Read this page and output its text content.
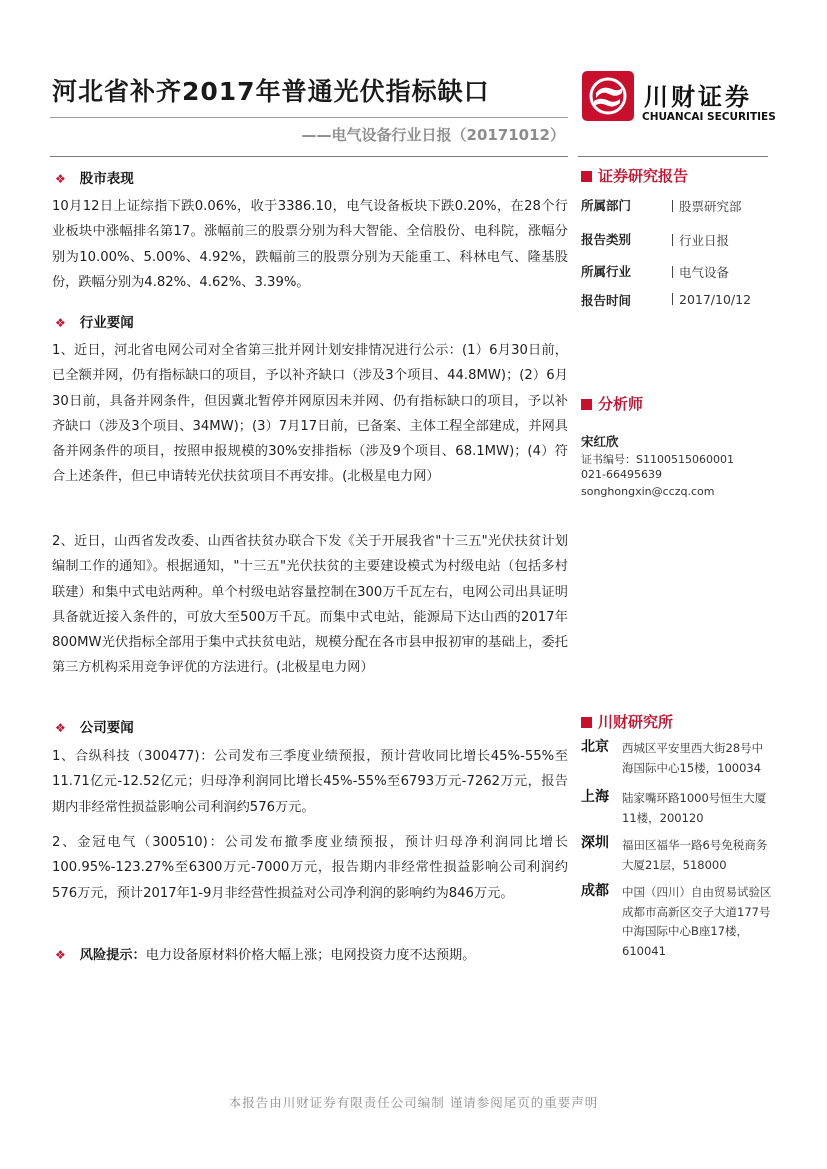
河北省补齐2017年普通光伏指标缺口
——电气设备行业日报（20171012）
川财证券
CHUANCAI SECURITIES
❖ 股市表现
10月12日上证综指下跌0.06%，收于3386.10，电气设备板块下跌0.20%，在28个行业板块中涨幅排名第17。涨幅前三的股票分别为科大智能、全信股份、电科院，涨幅分别为10.00%、5.00%、4.92%，跌幅前三的股票分别为天能重工、科林电气、隆基股份，跌幅分别为4.82%、4.62%、3.39%。
❖ 行业要闻
1、近日，河北省电网公司对全省第三批并网计划安排情况进行公示：(1）6月30日前，已全额并网，仍有指标缺口的项目，予以补齐缺口（涉及3个项目、44.8MW)；(2）6月30日前，具备并网条件，但因冀北暂停并网原因未并网、仍有指标缺口的项目，予以补齐缺口（涉及3个项目、34MW)；(3）7月17日前，已备案、主体工程全部建成，并网具备并网条件的项目，按照申报规模的30%安排指标（涉及9个项目、68.1MW)；(4）符合上述条件，但已申请转光伏扶贫项目不再安排。(北极星电力网）
2、近日，山西省发改委、山西省扶贫办联合下发《关于开展我省"十三五"光伏扶贫计划编制工作的通知》。根据通知，"十三五"光伏扶贫的主要建设模式为村级电站（包括多村联建）和集中式电站两种。单个村级电站容量控制在300万千瓦左右，电网公司出具证明具备就近接入条件的，可放大至500万千瓦。而集中式电站，能源局下达山西的2017年800MW光伏指标全部用于集中式扶贫电站，规模分配在各市县申报初审的基础上，委托第三方机构采用竞争评优的方法进行。(北极星电力网）
❖ 公司要闻
1、合纵科技（300477)：公司发布三季度业绩预报，预计营收同比增长45%-55%至11.71亿元-12.52亿元；归母净利润同比增长45%-55%至6793万元-7262万元，报告期内非经常性损益影响公司利润约576万元。
2、金冠电气（300510)：公司发布撤季度业绩预报，预计归母净利润同比增长100.95%-123.27%至6300万元-7000万元，报告期内非经常性损益影响公司利润约576万元，预计2017年1-9月非经营性损益对公司净利润的影响约为846万元。
❖ 风险提示：电力设备原材料价格大幅上涨；电网投资力度不达预期。
证券研究报告
所属部门	股票研究部
报告类别	行业日报
所属行业	电气设备
报告时间	2017/10/12
分析师
宋红欣
证书编号：S1100515060001
021-66495639
songhongxin@cczq.com
川财研究所
北京 西城区平安里西大街28号中海国际中心15楼，100034
上海 陆家嘴环路1000号恒生大厦11楼，200120
深圳 福田区福华一路6号免税商务大厦21层，518000
成都 中国（四川）自由贸易试验区成都市高新区交子大道177号中海国际中心B座17楼，610041
本报告由川财证券有限责任公司编制 谨请参阅尾页的重要声明
